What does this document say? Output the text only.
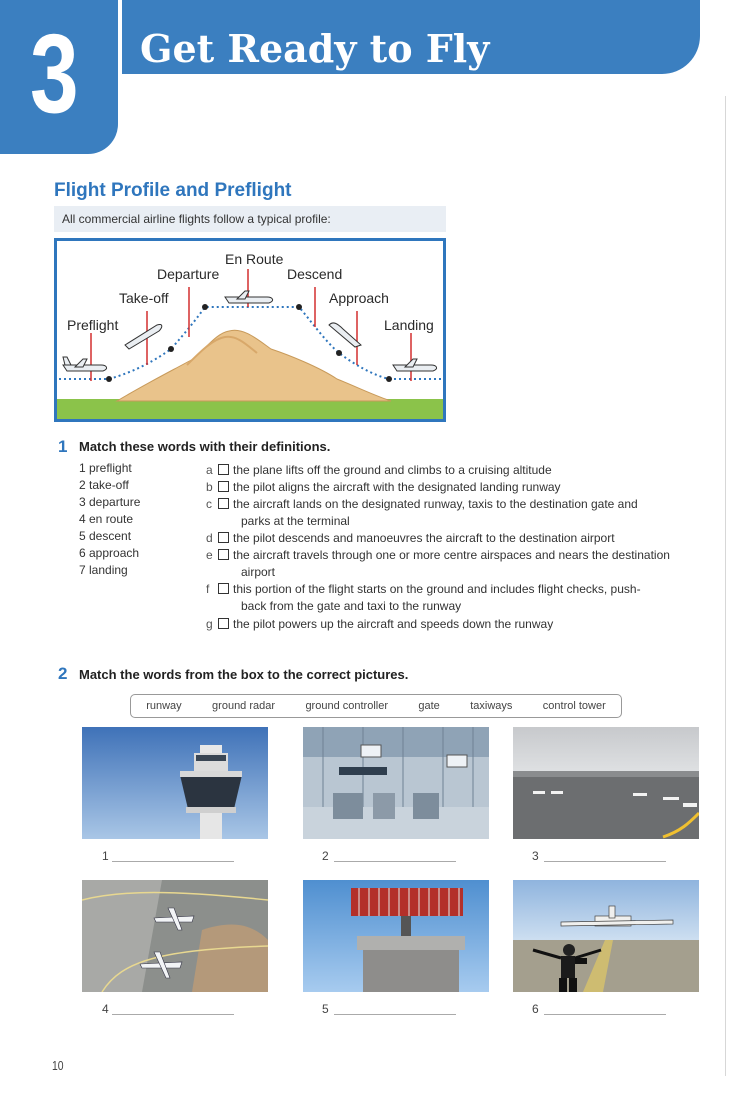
3 Get Ready to Fly
Flight Profile and Preflight
All commercial airline flights follow a typical profile:
Preflight
Take-off
Departure
En Route
Descend
Approach
Landing
1 Match these words with their definitions.
1 preflight
2 take-off
3 departure
4 en route
5 descent
6 approach
7 landing
a the plane lifts off the ground and climbs to a cruising altitude
b the pilot aligns the aircraft with the designated landing runway
c the aircraft lands on the designated runway, taxis to the destination gate and
parks at the terminal
d the pilot descends and manoeuvres the aircraft to the destination airport
e the aircraft travels through one or more centre airspaces and nears the destination
airport
f this portion of the flight starts on the ground and includes flight checks, push-
back from the gate and taxi to the runway
g the pilot powers up the aircraft and speeds down the runway
2 Match the words from the box to the correct pictures.
runway	ground radar	ground controller	gate	taxiways	control tower
1	2	3
4	5	6
10
